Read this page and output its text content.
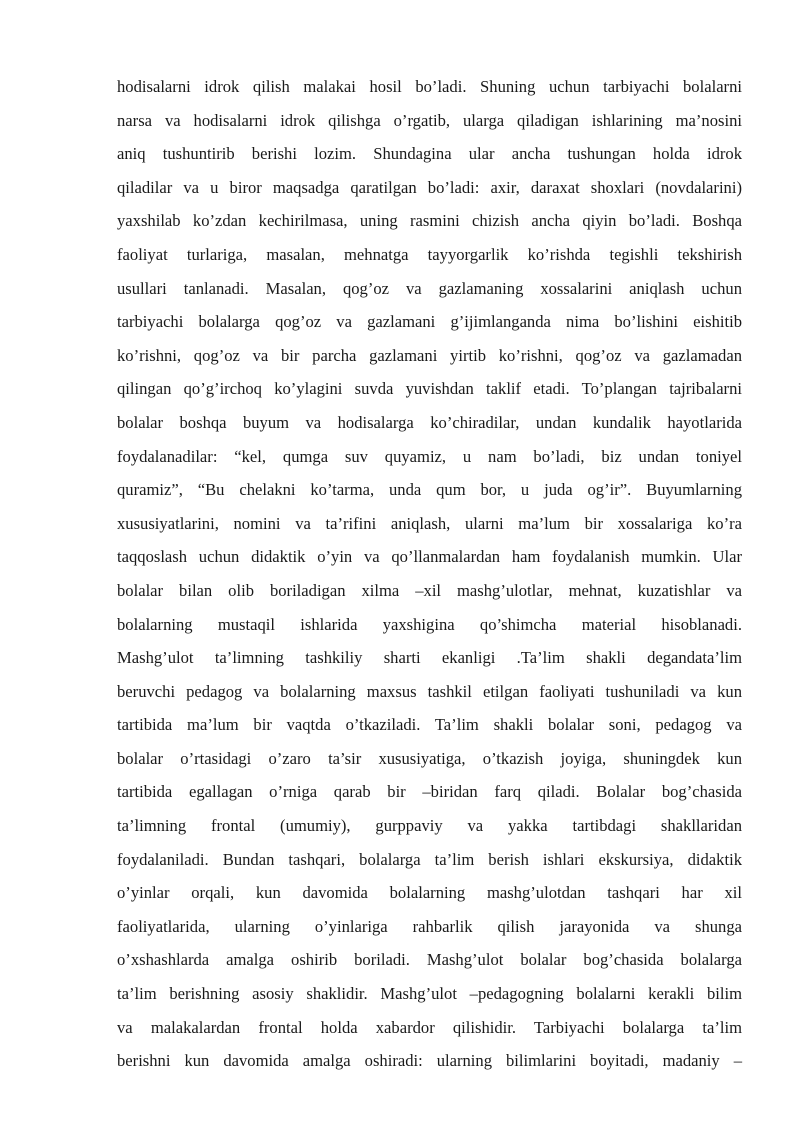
hodisalarni idrok qilish malakai hosil bo’ladi. Shuning uchun tarbiyachi bolalarni
narsa va hodisalarni idrok qilishga o’rgatib, ularga qiladigan ishlarining ma’nosini
aniq tushuntirib berishi lozim. Shundagina ular ancha tushungan holda idrok
qiladilar va u biror maqsadga qaratilgan bo’ladi: axir, daraxat shoxlari (novdalarini)
yaxshilab ko’zdan kechirilmasa, uning rasmini chizish ancha qiyin bo’ladi. Boshqa
faoliyat turlariga, masalan, mehnatga tayyorgarlik ko’rishda tegishli tekshirish
usullari tanlanadi. Masalan, qog’oz va gazlamaning xossalarini aniqlash uchun
tarbiyachi bolalarga qog’oz va gazlamani g’ijimlanganda nima bo’lishini eishitib
ko’rishni, qog’oz va bir parcha gazlamani yirtib ko’rishni, qog’oz va gazlamadan
qilingan qo’g’irchoq ko’ylagini suvda yuvishdan taklif etadi. To’plangan tajribalarni
bolalar boshqa buyum va hodisalarga ko’chiradilar, undan kundalik hayotlarida
foydalanadilar: “kel, qumga suv quyamiz, u nam bo’ladi, biz undan toniyel
quramiz”, “Bu chelakni ko’tarma, unda qum bor, u juda og’ir”. Buyumlarning
xususiyatlarini, nomini va ta’rifini aniqlash, ularni ma’lum bir xossalariga ko’ra
taqqoslash uchun didaktik o’yin va qo’llanmalardan ham foydalanish mumkin. Ular
bolalar bilan olib boriladigan xilma –xil mashg’ulotlar, mehnat, kuzatishlar va
bolalarning mustaqil ishlarida yaxshigina qo’shimcha material hisoblanadi.
Mashg’ulot ta’limning tashkiliy sharti ekanligi .Ta’lim shakli degandata’lim
beruvchi pedagog va bolalarning maxsus tashkil etilgan faoliyati tushuniladi va kun
tartibida ma’lum bir vaqtda o’tkaziladi. Ta’lim shakli bolalar soni, pedagog va
bolalar o’rtasidagi o’zaro ta’sir xususiyatiga, o’tkazish joyiga, shuningdek kun
tartibida egallagan o’rniga qarab bir –biridan farq qiladi. Bolalar bog’chasida
ta’limning frontal (umumiy), gurppaviy va yakka tartibdagi shakllaridan
foydalaniladi. Bundan tashqari, bolalarga ta’lim berish ishlari ekskursiya, didaktik
o’yinlar orqali, kun davomida bolalarning mashg’ulotdan tashqari har xil
faoliyatlarida, ularning o’yinlariga rahbarlik qilish jarayonida va shunga
o’xshashlarda amalga oshirib boriladi. Mashg’ulot bolalar bog’chasida bolalarga
ta’lim berishning asosiy shaklidir. Mashg’ulot –pedagogning bolalarni kerakli bilim
va malakalardan frontal holda xabardor qilishidir. Tarbiyachi bolalarga ta’lim
berishni kun davomida amalga oshiradi: ularning bilimlarini boyitadi, madaniy –
